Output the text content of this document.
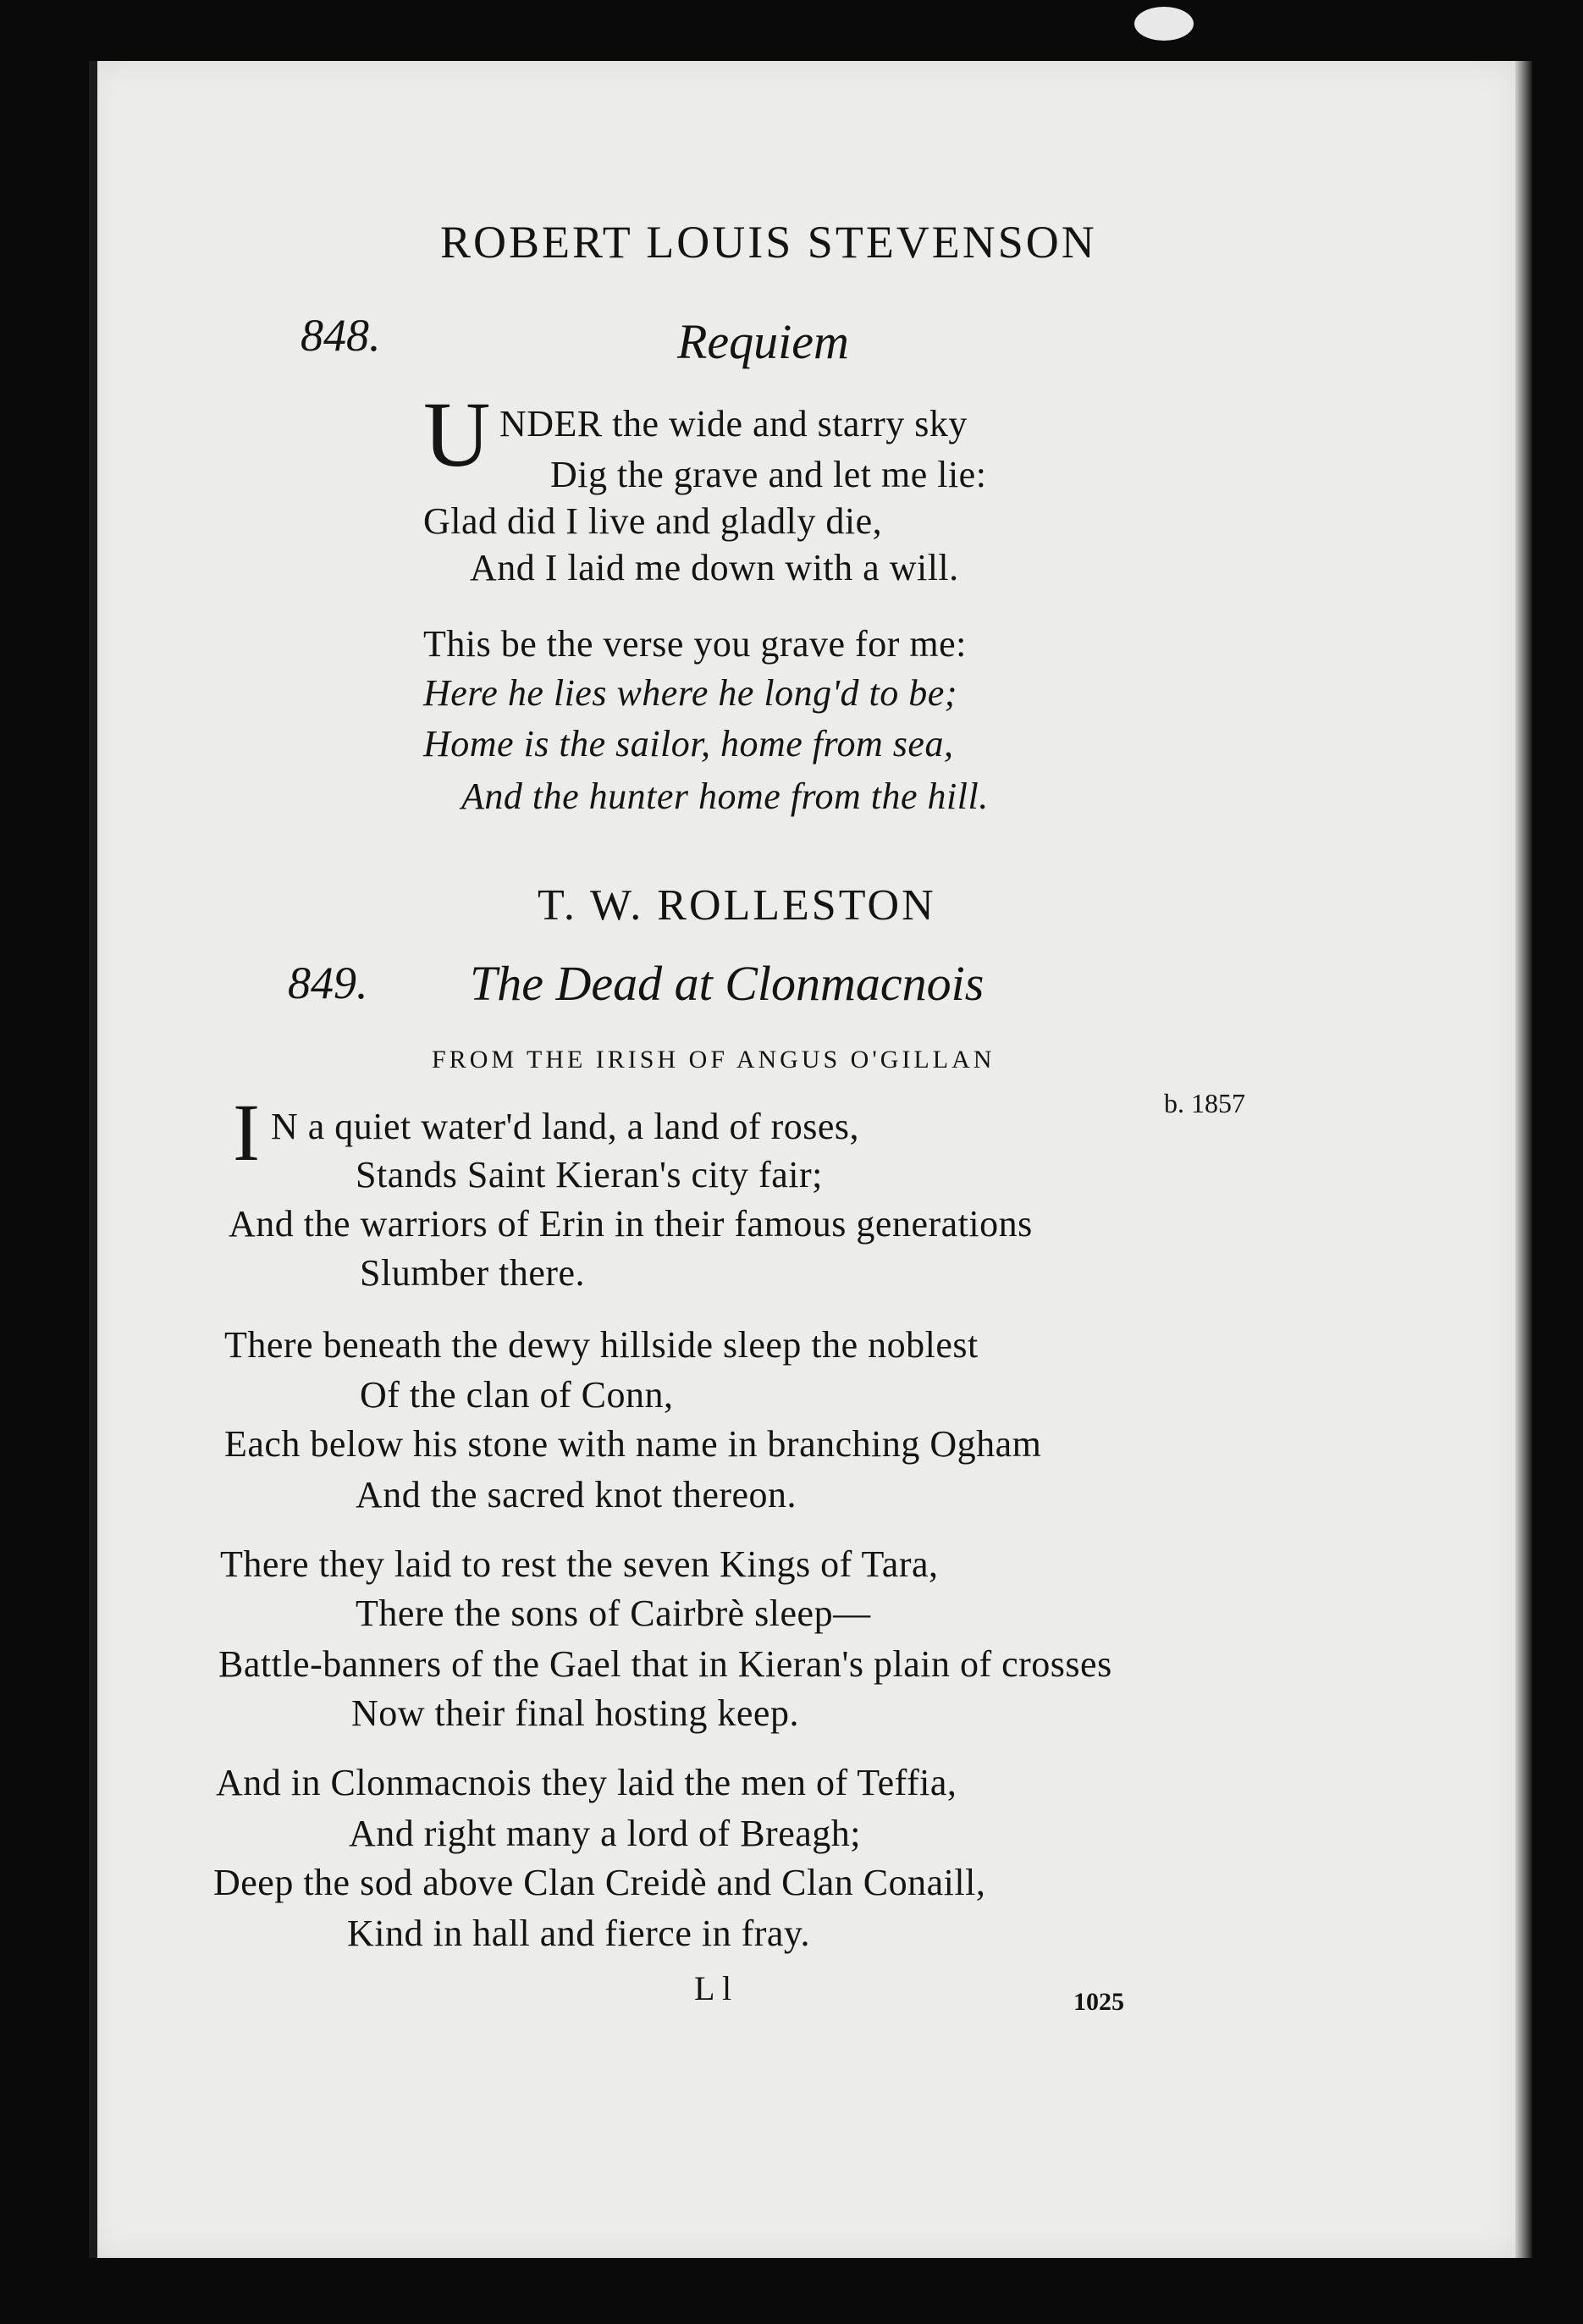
ROBERT LOUIS STEVENSON
848.	Requiem
U NDER the wide and starry sky
Dig the grave and let me lie:
Glad did I live and gladly die,
And I laid me down with a will.
This be the verse you grave for me:
Here he lies where he long'd to be;
Home is the sailor, home from sea,
And the hunter home from the hill.
T. W. ROLLESTON
849. The Dead at Clonmacnois
FROM THE IRISH OF ANGUS O'GILLAN
b. 1857
I N a quiet water'd land, a land of roses,
Stands Saint Kieran's city fair;
And the warriors of Erin in their famous generations
Slumber there.
There beneath the dewy hillside sleep the noblest
Of the clan of Conn,
Each below his stone with name in branching Ogham
And the sacred knot thereon.
There they laid to rest the seven Kings of Tara,
There the sons of Cairbrè sleep—
Battle-banners of the Gael that in Kieran's plain of crosses
Now their final hosting keep.
And in Clonmacnois they laid the men of Teffia,
And right many a lord of Breagh;
Deep the sod above Clan Creidè and Clan Conaill,
Kind in hall and fierce in fray.
L l	1025
